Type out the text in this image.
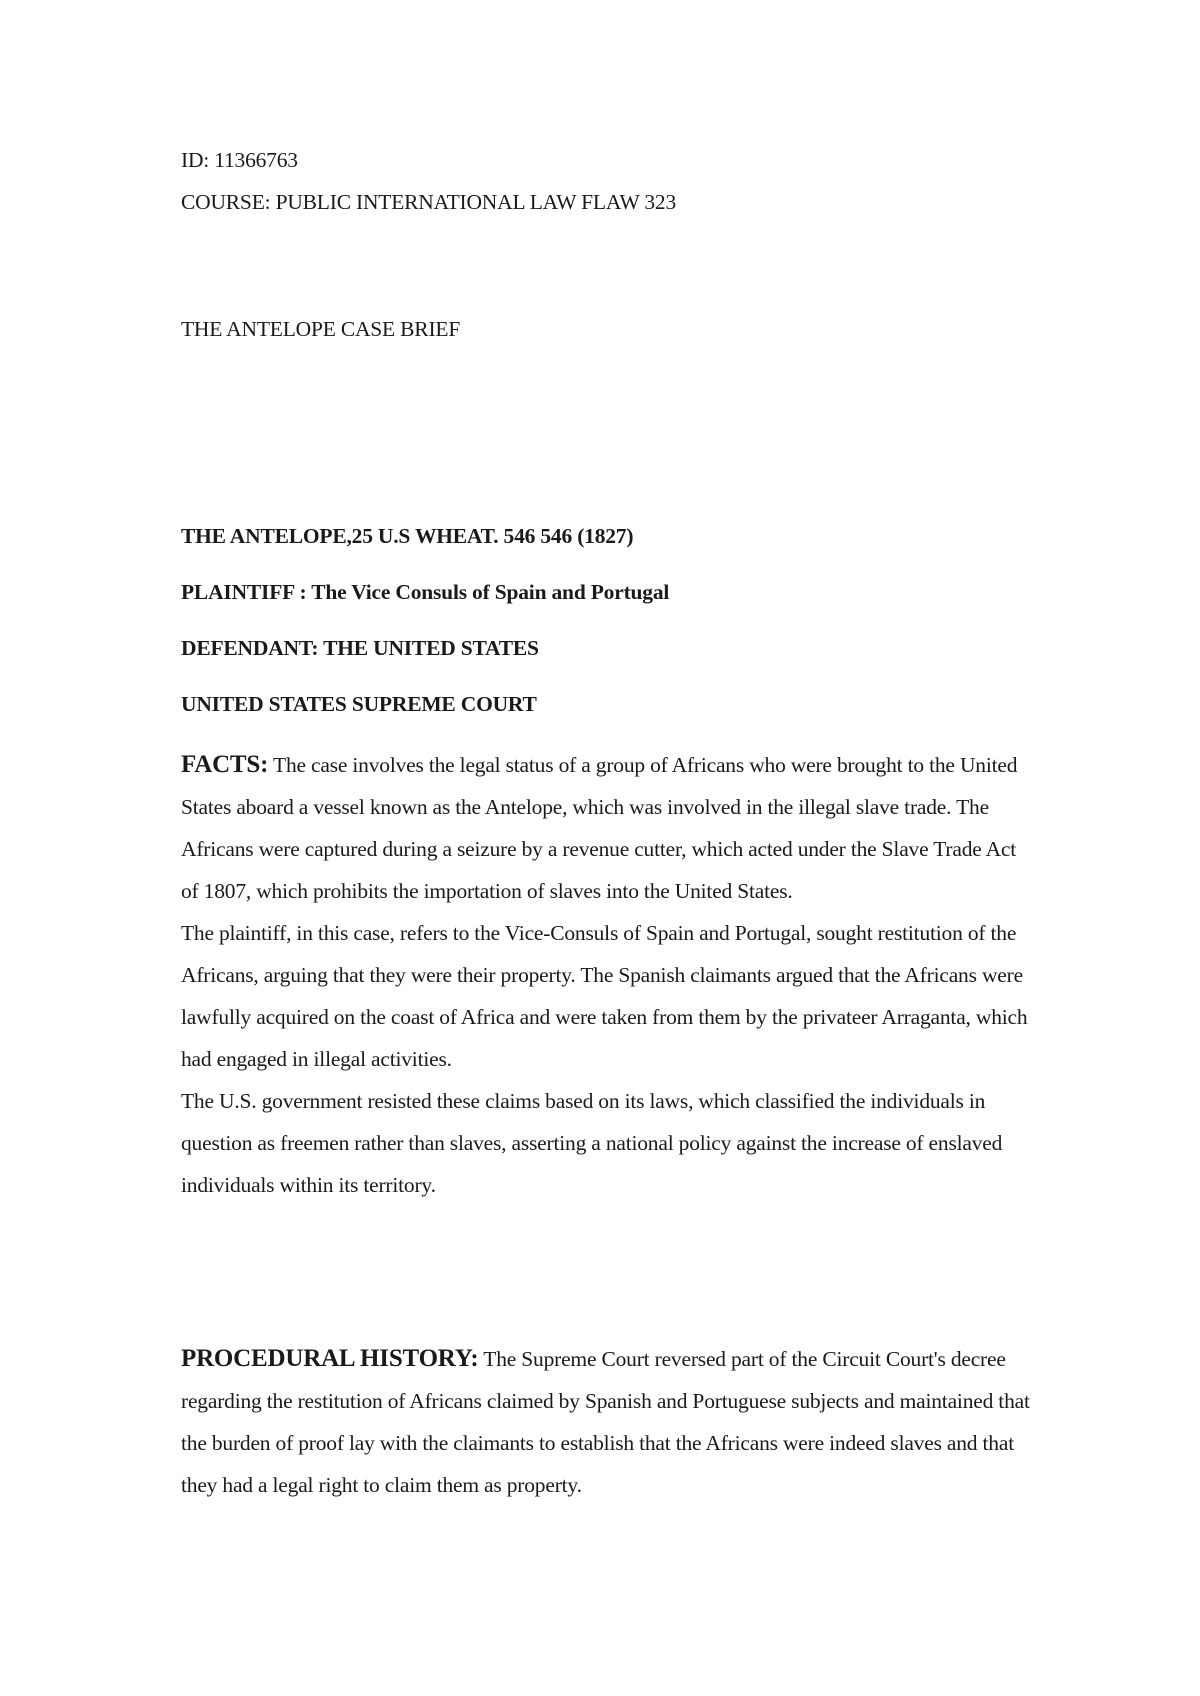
ID: 11366763
COURSE: PUBLIC INTERNATIONAL LAW FLAW 323
THE ANTELOPE CASE BRIEF
THE ANTELOPE,25 U.S WHEAT. 546 546 (1827)
PLAINTIFF : The Vice Consuls of Spain and Portugal
DEFENDANT: THE UNITED STATES
UNITED STATES SUPREME COURT

FACTS: The case involves the legal status of a group of Africans who were brought to the United States aboard a vessel known as the Antelope, which was involved in the illegal slave trade. The Africans were captured during a seizure by a revenue cutter, which acted under the Slave Trade Act of 1807, which prohibits the importation of slaves into the United States.

The plaintiff, in this case, refers to the Vice-Consuls of Spain and Portugal, sought restitution of the Africans, arguing that they were their property. The Spanish claimants argued that the Africans were lawfully acquired on the coast of Africa and were taken from them by the privateer Arraganta, which had engaged in illegal activities.

The U.S. government resisted these claims based on its laws, which classified the individuals in question as freemen rather than slaves, asserting a national policy against the increase of enslaved individuals within its territory.

PROCEDURAL HISTORY: The Supreme Court reversed part of the Circuit Court's decree regarding the restitution of Africans claimed by Spanish and Portuguese subjects and maintained that the burden of proof lay with the claimants to establish that the Africans were indeed slaves and that they had a legal right to claim them as property.
